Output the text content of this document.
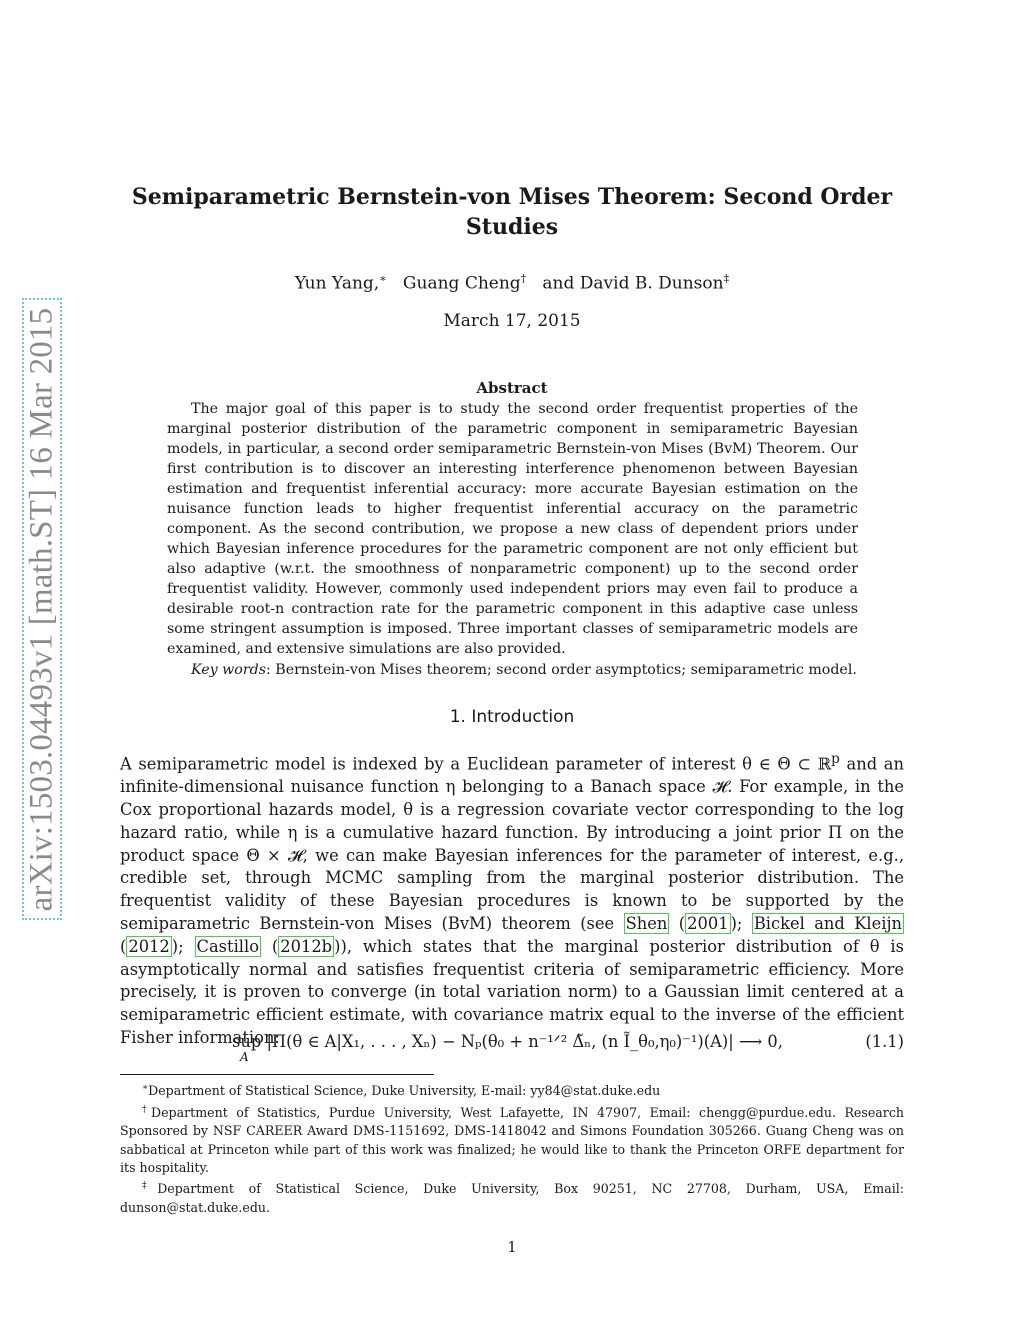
arXiv:1503.04493v1 [math.ST] 16 Mar 2015
Semiparametric Bernstein-von Mises Theorem: Second Order Studies
Yun Yang,∗ Guang Cheng† and David B. Dunson‡
March 17, 2015
Abstract

The major goal of this paper is to study the second order frequentist properties of the marginal posterior distribution of the parametric component in semiparametric Bayesian models, in particular, a second order semiparametric Bernstein-von Mises (BvM) Theorem. Our first contribution is to discover an interesting interference phenomenon between Bayesian estimation and frequentist inferential accuracy: more accurate Bayesian estimation on the nuisance function leads to higher frequentist inferential accuracy on the parametric component. As the second contribution, we propose a new class of dependent priors under which Bayesian inference procedures for the parametric component are not only efficient but also adaptive (w.r.t. the smoothness of nonparametric component) up to the second order frequentist validity. However, commonly used independent priors may even fail to produce a desirable root-n contraction rate for the parametric component in this adaptive case unless some stringent assumption is imposed. Three important classes of semiparametric models are examined, and extensive simulations are also provided.

Key words: Bernstein-von Mises theorem; second order asymptotics; semiparametric model.

1. Introduction

A semiparametric model is indexed by a Euclidean parameter of interest θ ∈ Θ ⊂ ℝ$^p$ and an infinite-dimensional nuisance function η belonging to a Banach space 𝓗. For example, in the Cox proportional hazards model, θ is a regression covariate vector corresponding to the log hazard ratio, while η is a cumulative hazard function. By introducing a joint prior Π on the product space Θ × 𝓗, we can make Bayesian inferences for the parameter of interest, e.g., credible set, through MCMC sampling from the marginal posterior distribution. The frequentist validity of these Bayesian procedures is known to be supported by the semiparametric Bernstein-von Mises (BvM) theorem (see Shen ( 2001 ); Bickel and Kleijn ( 2012 ); Castillo ( 2012b )), which states that the marginal posterior distribution of θ is asymptotically normal and satisfies frequentist criteria of semiparametric efficiency. More precisely, it is proven to converge (in total variation norm) to a Gaussian limit centered at a semiparametric efficient estimate, with covariance matrix equal to the inverse of the efficient Fisher information:

sup |Π(θ ∈ A|X₁, . . . , Xₙ) − Nₚ(θ₀ + n⁻¹ᐟ² Δ̃ₙ, (n Ĩ_θ₀,η₀)⁻¹)(A)| ⟶ 0,
A
(1.1)

∗Department of Statistical Science, Duke University, E-mail: yy84@stat.duke.edu

†Department of Statistics, Purdue University, West Lafayette, IN 47907, Email: chengg@purdue.edu. Research Sponsored by NSF CAREER Award DMS-1151692, DMS-1418042 and Simons Foundation 305266. Guang Cheng was on sabbatical at Princeton while part of this work was finalized; he would like to thank the Princeton ORFE department for its hospitality.

‡Department of Statistical Science, Duke University, Box 90251, NC 27708, Durham, USA, Email: dunson@stat.duke.edu.

1
